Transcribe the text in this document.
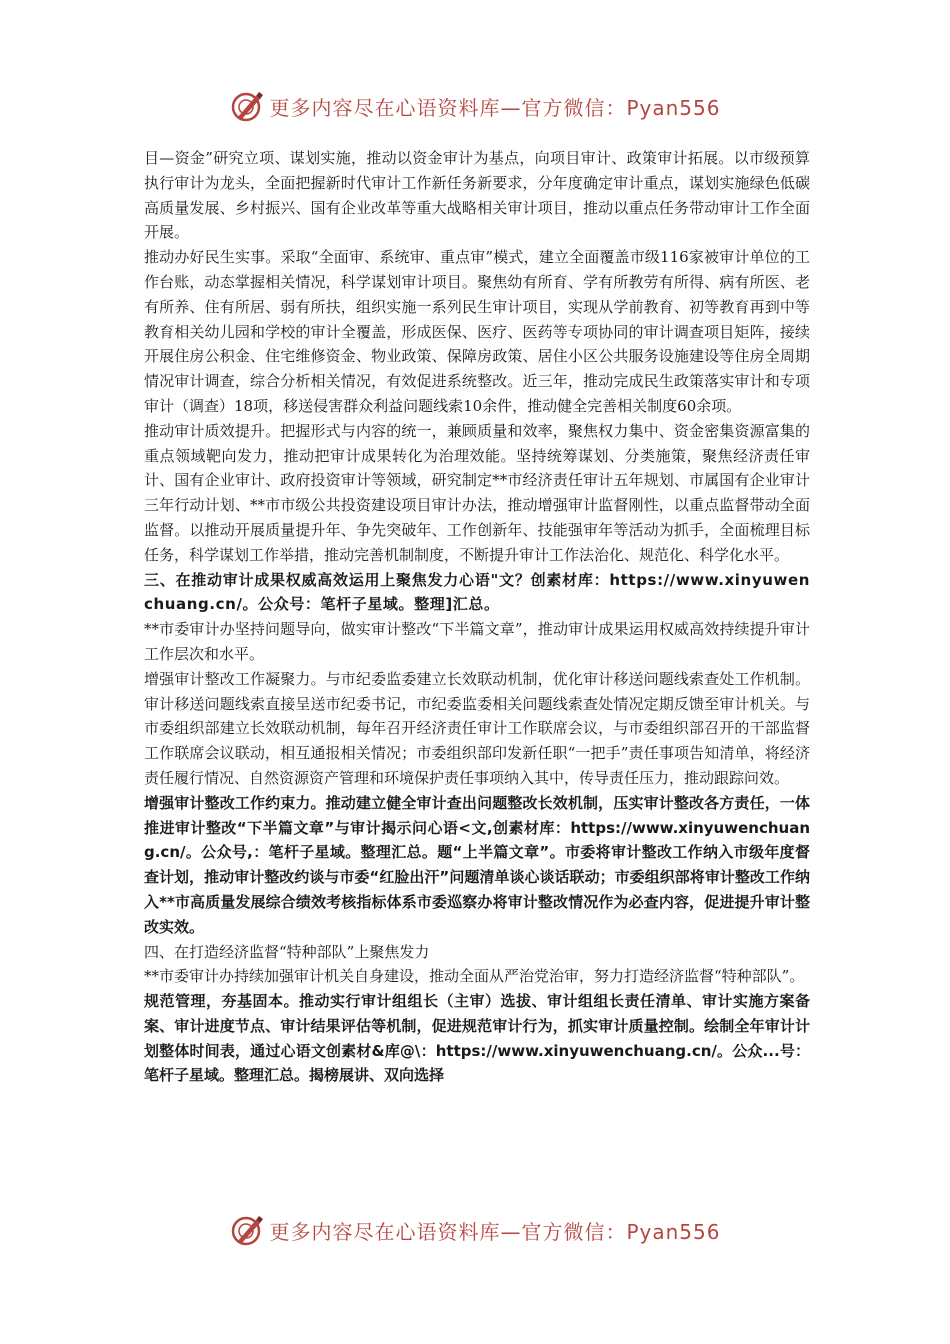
更多内容尽在心语资料库—官方微信：Pyan556

目—资金”研究立项、谋划实施，推动以资金审计为基点，向项目审计、政策审计拓展。以市级预算执行审计为龙头，全面把握新时代审计工作新任务新要求，分年度确定审计重点，谋划实施绿色低碳高质量发展、乡村振兴、国有企业改革等重大战略相关审计项目，推动以重点任务带动审计工作全面开展。

推动办好民生实事。采取“全面审、系统审、重点审”模式，建立全面覆盖市级116家被审计单位的工作台账，动态掌握相关情况，科学谋划审计项目。聚焦幼有所育、学有所教劳有所得、病有所医、老有所养、住有所居、弱有所扶，组织实施一系列民生审计项目，实现从学前教育、初等教育再到中等教育相关幼儿园和学校的审计全覆盖，形成医保、医疗、医药等专项协同的审计调查项目矩阵，接续开展住房公积金、住宅维修资金、物业政策、保障房政策、居住小区公共服务设施建设等住房全周期情况审计调查，综合分析相关情况，有效促进系统整改。近三年，推动完成民生政策落实审计和专项审计（调查）18项，移送侵害群众利益问题线索10余件，推动健全完善相关制度60余项。

推动审计质效提升。把握形式与内容的统一，兼顾质量和效率，聚焦权力集中、资金密集资源富集的重点领域靶向发力，推动把审计成果转化为治理效能。坚持统筹谋划、分类施策，聚焦经济责任审计、国有企业审计、政府投资审计等领域，研究制定**市经济责任审计五年规划、市属国有企业审计三年行动计划、**市市级公共投资建设项目审计办法，推动增强审计监督刚性，以重点监督带动全面监督。以推动开展质量提升年、争先突破年、工作创新年、技能强审年等活动为抓手，全面梳理目标任务，科学谋划工作举措，推动完善机制制度，不断提升审计工作法治化、规范化、科学化水平。

三、在推动审计成果权威高效运用上聚焦发力心语"文？创素材库：https://www.xinyuwenchuang.cn/。公众号：笔杆子星域。整理]汇总。

**市委审计办坚持问题导向，做实审计整改“下半篇文章”，推动审计成果运用权威高效持续提升审计工作层次和水平。

增强审计整改工作凝聚力。与市纪委监委建立长效联动机制，优化审计移送问题线索查处工作机制。审计移送问题线索直接呈送市纪委书记，市纪委监委相关问题线索查处情况定期反馈至审计机关。与市委组织部建立长效联动机制，每年召开经济责任审计工作联席会议，与市委组织部召开的干部监督工作联席会议联动，相互通报相关情况；市委组织部印发新任职“一把手”责任事项告知清单，将经济责任履行情况、自然资源资产管理和环境保护责任事项纳入其中，传导责任压力，推动跟踪问效。

增强审计整改工作约束力。推动建立健全审计查出问题整改长效机制，压实审计整改各方责任，一体推进审计整改“下半篇文章”与审计揭示问心语<文,创素材库：https://www.xinyuwenchuang.cn/。公众号,：笔杆子星域。整理汇总。题“上半篇文章”。市委将审计整改工作纳入市级年度督查计划，推动审计整改约谈与市委“红脸出汗”问题清单谈心谈话联动；市委组织部将审计整改工作纳入**市高质量发展综合绩效考核指标体系市委巡察办将审计整改情况作为必查内容，促进提升审计整改实效。

四、在打造经济监督“特种部队”上聚焦发力

**市委审计办持续加强审计机关自身建设，推动全面从严治党治审，努力打造经济监督“特种部队”。

规范管理，夯基固本。推动实行审计组组长（主审）选拔、审计组组长责任清单、审计实施方案备案、审计进度节点、审计结果评估等机制，促进规范审计行为，抓实审计质量控制。绘制全年审计计划整体时间表，通过心语文创素材&库@\：https://www.xinyuwenchuang.cn/。公众...号：笔杆子星域。整理汇总。揭榜展讲、双向选择

更多内容尽在心语资料库—官方微信：Pyan556
